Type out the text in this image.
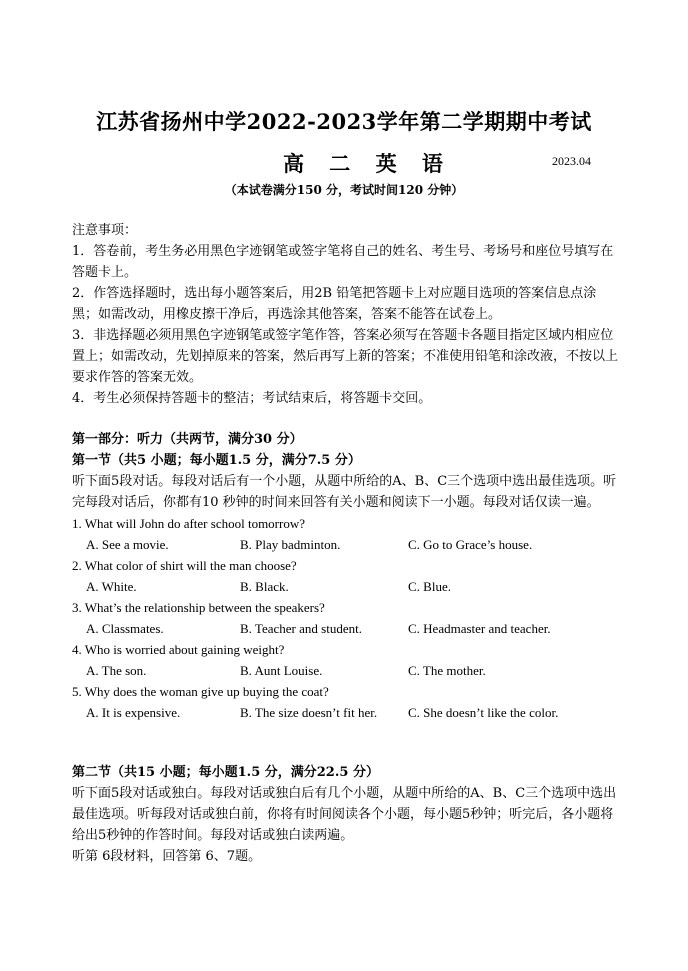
江苏省扬州中学2022-2023学年第二学期期中考试
高 二 英 语	2023.04
（本试卷满分150 分，考试时间120 分钟）

注意事项：

1．答卷前，考生务必用黑色字迹钢笔或签字笔将自己的姓名、考生号、考场号和座位号填写在答题卡上。

2．作答选择题时，选出每小题答案后，用2B 铅笔把答题卡上对应题目选项的答案信息点涂黑；如需改动，用橡皮擦干净后，再选涂其他答案，答案不能答在试卷上。

3．非选择题必须用黑色字迹钢笔或签字笔作答，答案必须写在答题卡各题目指定区域内相应位置上；如需改动，先划掉原来的答案，然后再写上新的答案；不准使用铅笔和涂改液，不按以上要求作答的答案无效。

4．考生必须保持答题卡的整洁；考试结束后，将答题卡交回。

第一部分：听力（共两节，满分30 分）

第一节（共5 小题；每小题1.5 分，满分7.5 分）

听下面5段对话。每段对话后有一个小题，从题中所给的A、B、C三个选项中选出最佳选项。听完每段对话后，你都有10 秒钟的时间来回答有关小题和阅读下一小题。每段对话仅读一遍。

1. What will John do after school tomorrow?

A. See a movie.	B. Play badminton.	C. Go to Grace’s house.

2. What color of shirt will the man choose?

A. White.	B. Black.	C. Blue.

3. What’s the relationship between the speakers?

A. Classmates.	B. Teacher and student.	C. Headmaster and teacher.

4. Who is worried about gaining weight?

A. The son.	B. Aunt Louise.	C. The mother.

5. Why does the woman give up buying the coat?

A. It is expensive.	B. The size doesn’t fit her. C. She doesn’t like the color.

第二节（共15 小题；每小题1.5 分，满分22.5 分）

听下面5段对话或独白。每段对话或独白后有几个小题，从题中所给的A、B、C三个选项中选出最佳选项。听每段对话或独白前，你将有时间阅读各个小题，每小题5秒钟；听完后，各小题将给出5秒钟的作答时间。每段对话或独白读两遍。

听第 6段材料，回答第 6、7题。
